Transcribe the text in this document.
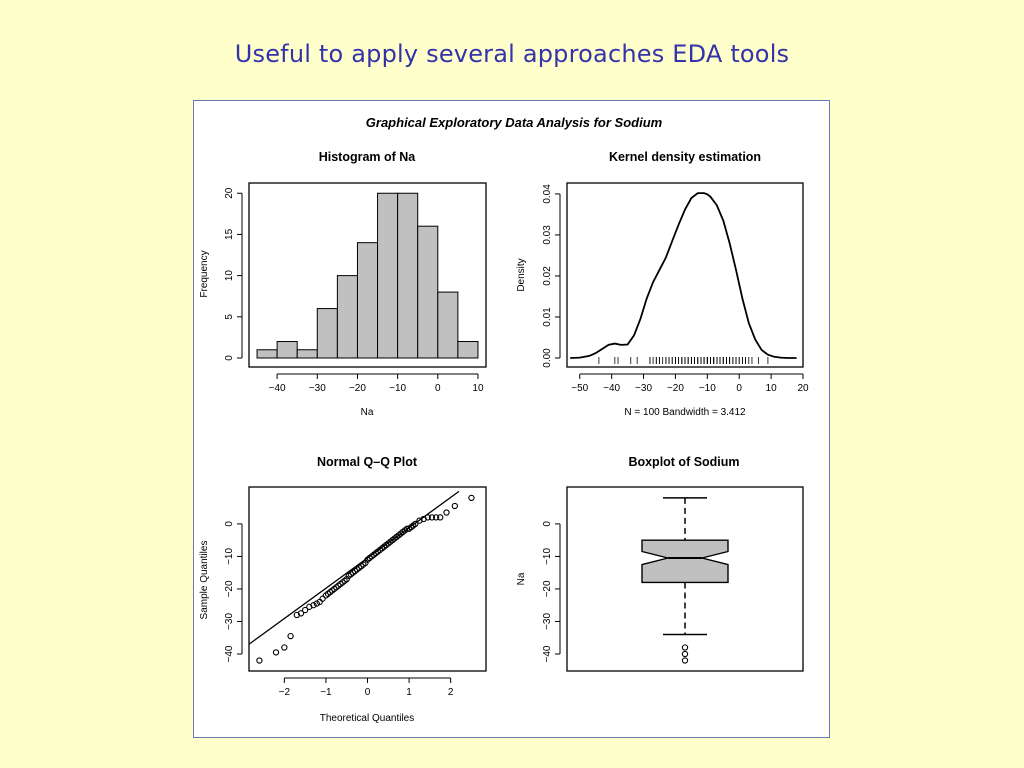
Useful to apply several approaches EDA tools
Graphical Exploratory Data Analysis for Sodium
Histogram of Na
Na
Frequency
−40 −30 −20 −10	0	10
0
5
10
15
20
Kernel density estimation
N = 100 Bandwidth = 3.412
Density
−50 −40 −30 −20 −10 0 10 20
0.00
0.01
0.02
0.03
0.04
Normal Q–Q Plot
Theoretical Quantiles
Sample Quantiles
−2	−1	0	1	2
−40
−30
−20
−10
0
Boxplot of Sodium
Na
−40
−30
−20
−10
0
